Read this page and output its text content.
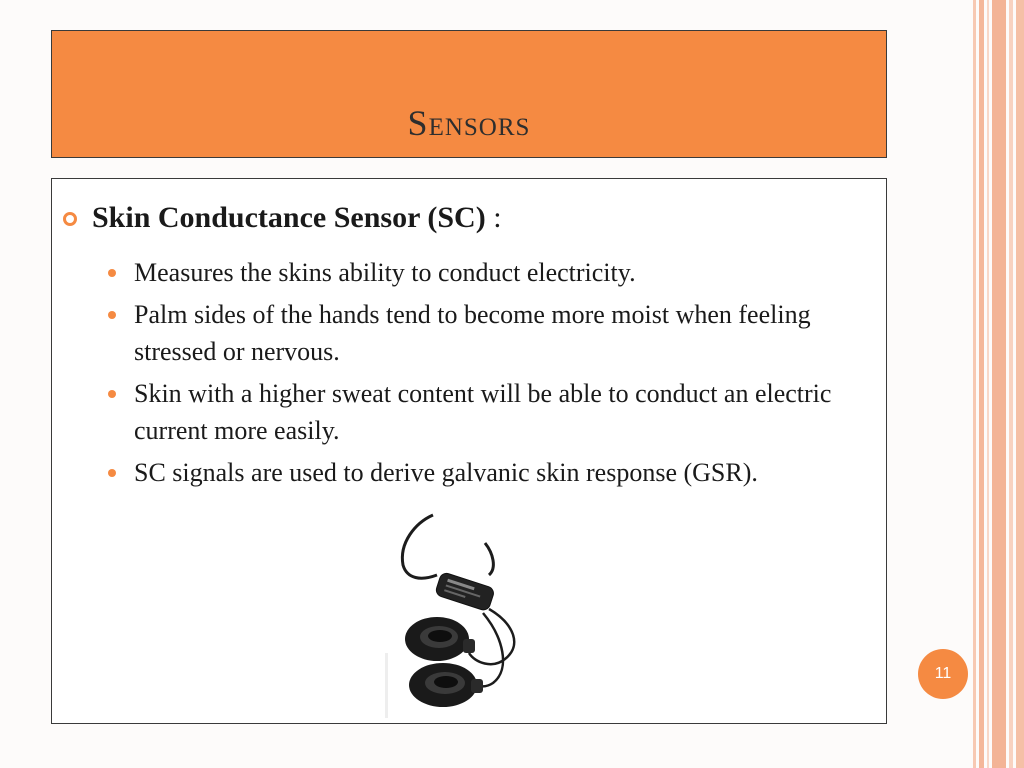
Sensors
Skin Conductance Sensor (SC) :
Measures the skins ability to conduct electricity.
Palm sides of the hands tend to become more moist when feeling stressed or nervous.
Skin with a higher sweat content will be able to conduct an electric current more easily.
SC signals are used to derive galvanic skin response (GSR).
11
